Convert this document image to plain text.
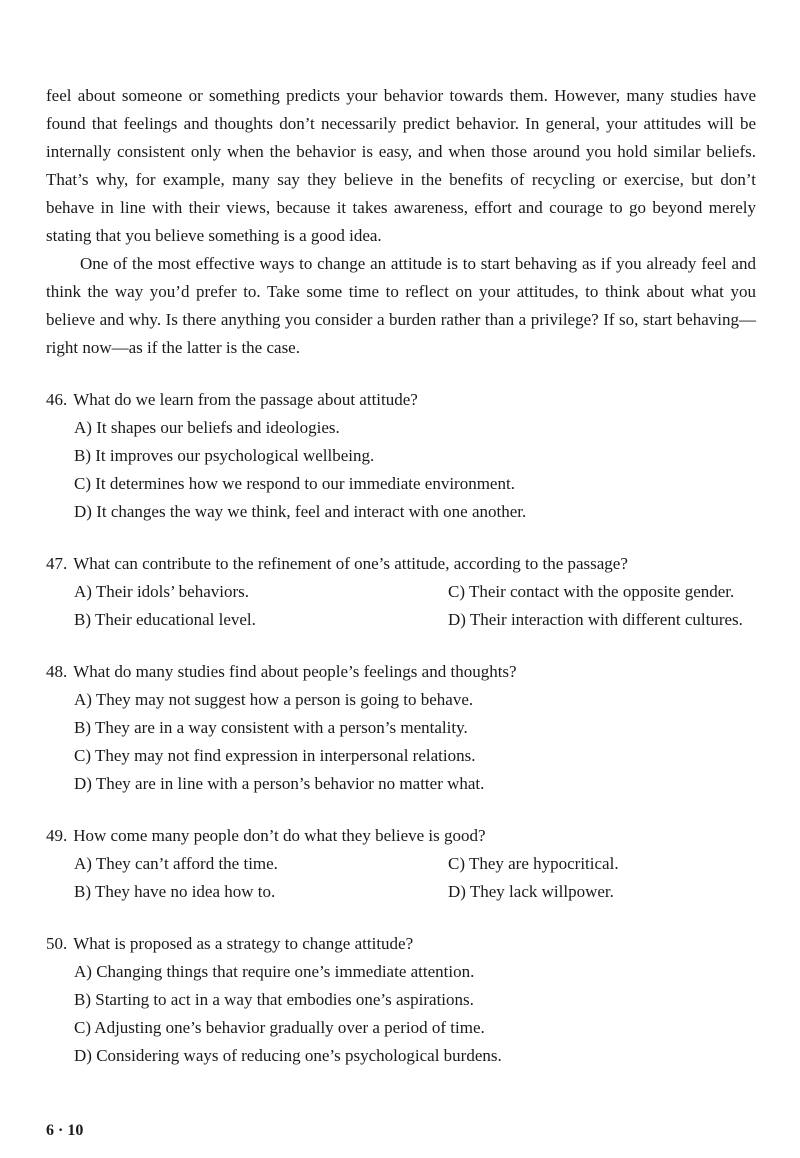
feel about someone or something predicts your behavior towards them. However, many studies have found that feelings and thoughts don’t necessarily predict behavior. In general, your attitudes will be internally consistent only when the behavior is easy, and when those around you hold similar beliefs. That’s why, for example, many say they believe in the benefits of recycling or exercise, but don’t behave in line with their views, because it takes awareness, effort and courage to go beyond merely stating that you believe something is a good idea.

One of the most effective ways to change an attitude is to start behaving as if you already feel and think the way you’d prefer to. Take some time to reflect on your attitudes, to think about what you believe and why. Is there anything you consider a burden rather than a privilege? If so, start behaving—right now—as if the latter is the case.

46. What do we learn from the passage about attitude?
A) It shapes our beliefs and ideologies.
B) It improves our psychological wellbeing.
C) It determines how we respond to our immediate environment.
D) It changes the way we think, feel and interact with one another.
47. What can contribute to the refinement of one’s attitude, according to the passage?
A) Their idols’ behaviors.	C) Their contact with the opposite gender.
B) Their educational level.	D) Their interaction with different cultures.
48. What do many studies find about people’s feelings and thoughts?
A) They may not suggest how a person is going to behave.
B) They are in a way consistent with a person’s mentality.
C) They may not find expression in interpersonal relations.
D) They are in line with a person’s behavior no matter what.
49. How come many people don’t do what they believe is good?
A) They can’t afford the time.	C) They are hypocritical.
B) They have no idea how to.	D) They lack willpower.
50. What is proposed as a strategy to change attitude?
A) Changing things that require one’s immediate attention.
B) Starting to act in a way that embodies one’s aspirations.
C) Adjusting one’s behavior gradually over a period of time.
D) Considering ways of reducing one’s psychological burdens.
6 · 10
